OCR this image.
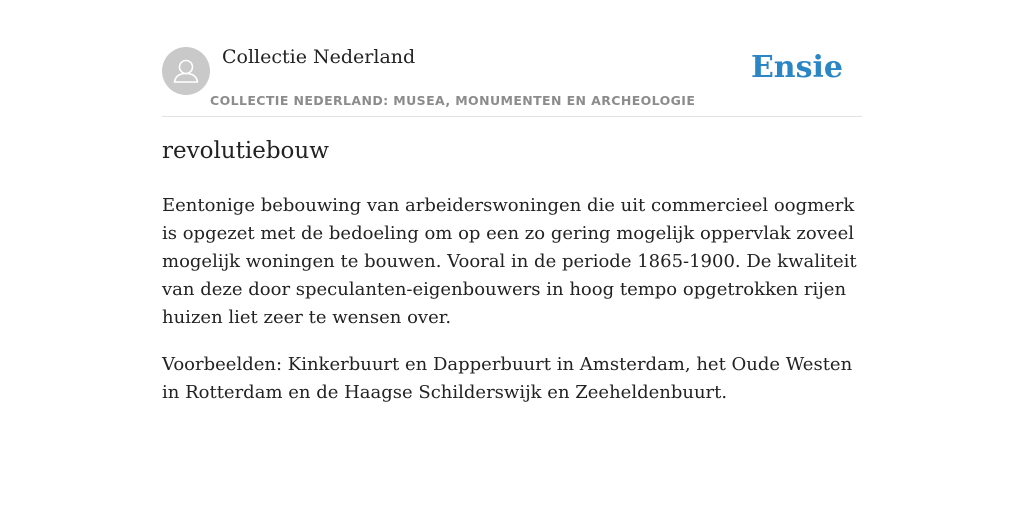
Collectie Nederland
COLLECTIE NEDERLAND: MUSEA, MONUMENTEN EN ARCHEOLOGIE
Ensie
revolutiebouw

Eentonige bebouwing van arbeiderswoningen die uit commercieel oogmerk is opgezet met de bedoeling om op een zo gering mogelijk oppervlak zoveel mogelijk woningen te bouwen. Vooral in de periode 1865-1900. De kwaliteit van deze door speculanten-eigenbouwers in hoog tempo opgetrokken rijen huizen liet zeer te wensen over.

Voorbeelden: Kinkerbuurt en Dapperbuurt in Amsterdam, het Oude Westen in Rotterdam en de Haagse Schilderswijk en Zeeheldenbuurt.
